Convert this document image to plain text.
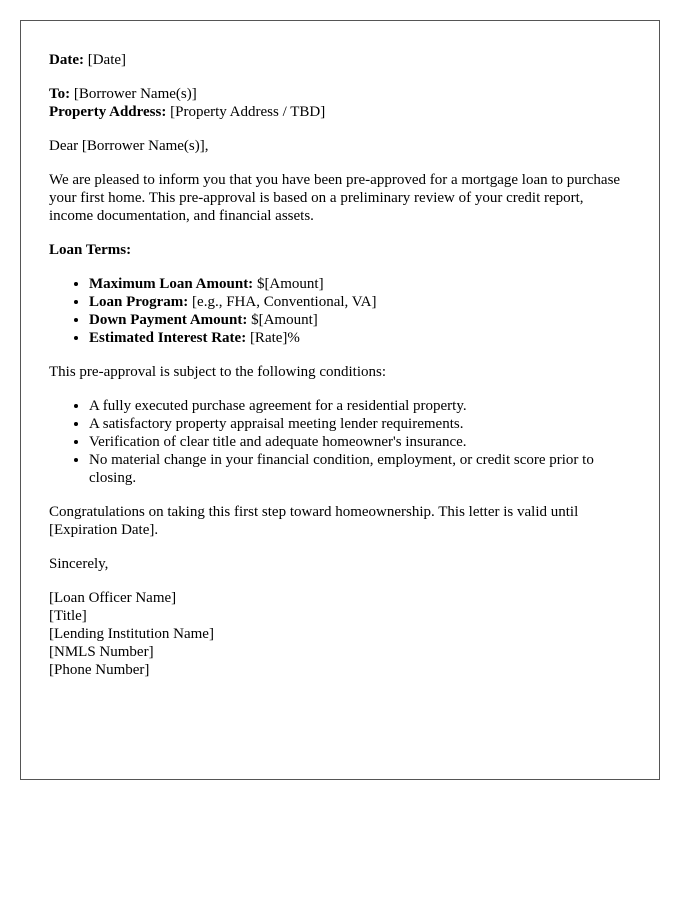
Date: [Date]

To: [Borrower Name(s)]
Property Address: [Property Address / TBD]

Dear [Borrower Name(s)],

We are pleased to inform you that you have been pre-approved for a mortgage loan to purchase your first home. This pre-approval is based on a preliminary review of your credit report, income documentation, and financial assets.

Loan Terms:

• Maximum Loan Amount: $[Amount]
• Loan Program: [e.g., FHA, Conventional, VA]
• Down Payment Amount: $[Amount]
• Estimated Interest Rate: [Rate]%

This pre-approval is subject to the following conditions:

• A fully executed purchase agreement for a residential property.
• A satisfactory property appraisal meeting lender requirements.
• Verification of clear title and adequate homeowner's insurance.
• No material change in your financial condition, employment, or credit score prior to closing.

Congratulations on taking this first step toward homeownership. This letter is valid until [Expiration Date].

Sincerely,

[Loan Officer Name]
[Title]
[Lending Institution Name]
[NMLS Number]
[Phone Number]
